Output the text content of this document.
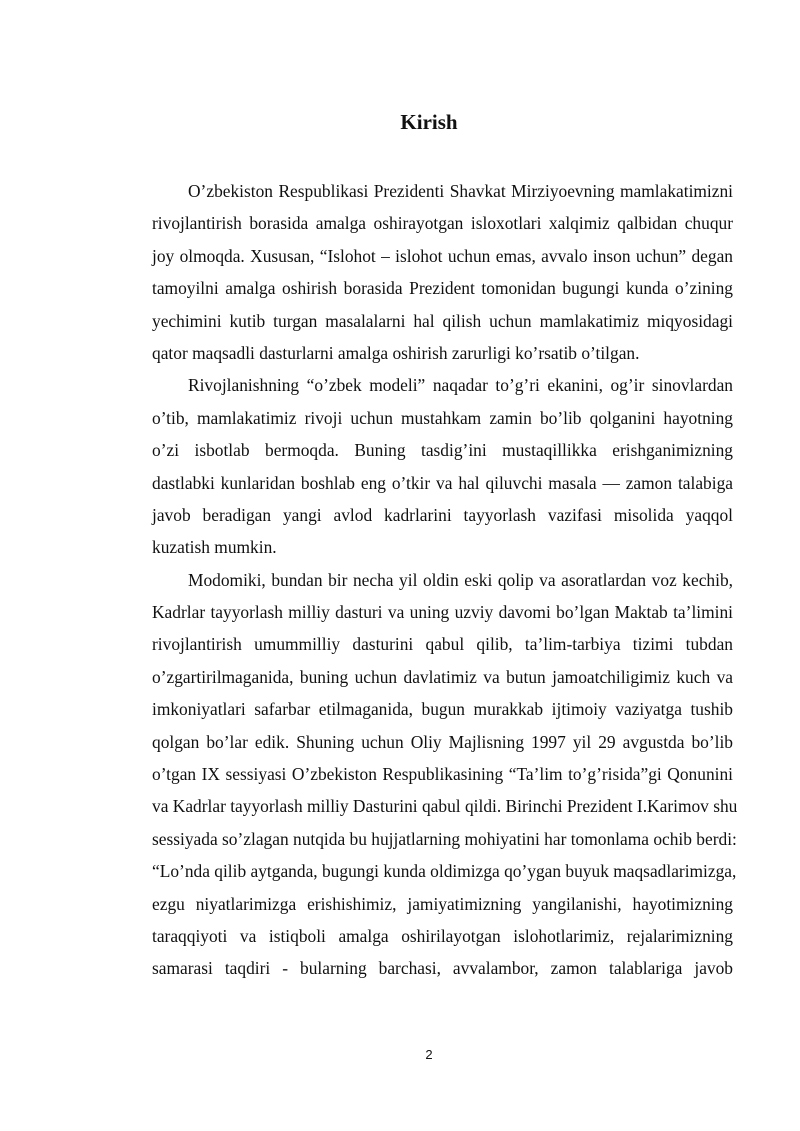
Kirish
O’zbekiston Respublikasi Prezidenti Shavkat Mirziyoevning mamlakatimizni
rivojlantirish borasida amalga oshirayotgan isloxotlari xalqimiz qalbidan chuqur
joy olmoqda. Xususan, “Islohot – islohot uchun emas, avvalo inson uchun” degan
tamoyilni amalga oshirish borasida Prezident tomonidan bugungi kunda o’zining
yechimini kutib turgan masalalarni hal qilish uchun mamlakatimiz miqyosidagi
qator maqsadli dasturlarni amalga oshirish zarurligi ko’rsatib o’tilgan.
Rivojlanishning “o’zbek modeli” naqadar to’g’ri ekanini, og’ir sinovlardan
o’tib, mamlakatimiz rivoji uchun mustahkam zamin bo’lib qolganini hayotning
o’zi isbotlab bermoqda. Buning tasdig’ini mustaqillikka erishganimizning
dastlabki kunlaridan boshlab eng o’tkir va hal qiluvchi masala — zamon talabiga
javob beradigan yangi avlod kadrlarini tayyorlash vazifasi misolida yaqqol
kuzatish mumkin.
Modomiki, bundan bir necha yil oldin eski qolip va asoratlardan voz kechib,
Kadrlar tayyorlash milliy dasturi va uning uzviy davomi bo’lgan Maktab ta’limini
rivojlantirish umummilliy dasturini qabul qilib, ta’lim-tarbiya tizimi tubdan
o’zgartirilmaganida, buning uchun davlatimiz va butun jamoatchiligimiz kuch va
imkoniyatlari safarbar etilmaganida, bugun murakkab ijtimoiy vaziyatga tushib
qolgan bo’lar edik. Shuning uchun Oliy Majlisning 1997 yil 29 avgustda bo’lib
o’tgan IX sessiyasi O’zbekiston Respublikasining “Ta’lim to’g’risida”gi Qonunini
va Kadrlar tayyorlash milliy Dasturini qabul qildi. Birinchi Prezident I.Karimov shu
sessiyada so’zlagan nutqida bu hujjatlarning mohiyatini har tomonlama ochib berdi:
“Lo’nda qilib aytganda, bugungi kunda oldimizga qo’ygan buyuk maqsadlarimizga,
ezgu niyatlarimizga erishishimiz, jamiyatimizning yangilanishi, hayotimizning
taraqqiyoti va istiqboli amalga oshirilayotgan islohotlarimiz, rejalarimizning
samarasi taqdiri - bularning barchasi, avvalambor, zamon talablariga javob

2
